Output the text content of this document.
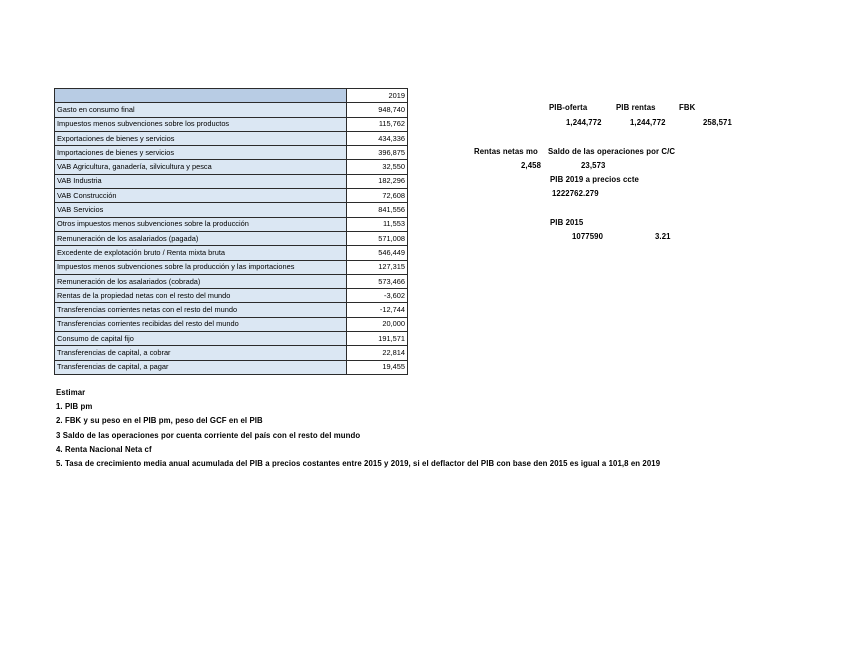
	2019
Gasto en consumo final	948,740
Impuestos menos subvenciones sobre los productos	115,762
Exportaciones de bienes y servicios	434,336
Importaciones de bienes y servicios	396,875
VAB Agricultura, ganadería, silvicultura y pesca	32,550
VAB Industria	182,296
VAB Construcción	72,608
VAB Servicios	841,556
Otros impuestos menos subvenciones sobre la producción	11,553
Remuneración de los asalariados (pagada)	571,008
Excedente de explotación bruto / Renta mixta bruta	546,449
Impuestos menos subvenciones sobre la producción y las importaciones	127,315
Remuneración de los asalariados (cobrada)	573,466
Rentas de la propiedad netas con el resto del mundo	-3,602
Transferencias corrientes netas con el resto del mundo	-12,744
Transferencias corrientes recibidas del resto del mundo	20,000
Consumo de capital fijo	191,571
Transferencias de capital, a cobrar	22,814
Transferencias de capital, a pagar	19,455
PIB-oferta	PIB rentas	FBK
1,244,772	1,244,772	258,571
Rentas netas mo Saldo de las operaciones por C/C
2,458	23,573
PIB 2019 a precios ccte
1222762.279
PIB 2015
1077590	3.21
Estimar
1. PIB pm
2. FBK y su peso en el PIB pm, peso del GCF en el PIB
3 Saldo de las operaciones por cuenta corriente del país con el resto del mundo
4. Renta Nacional Neta cf
5. Tasa de crecimiento media anual acumulada del PIB a precios costantes entre 2015 y 2019, si el deflactor del PIB con base den 2015 es igual a 101,8 en 2019
